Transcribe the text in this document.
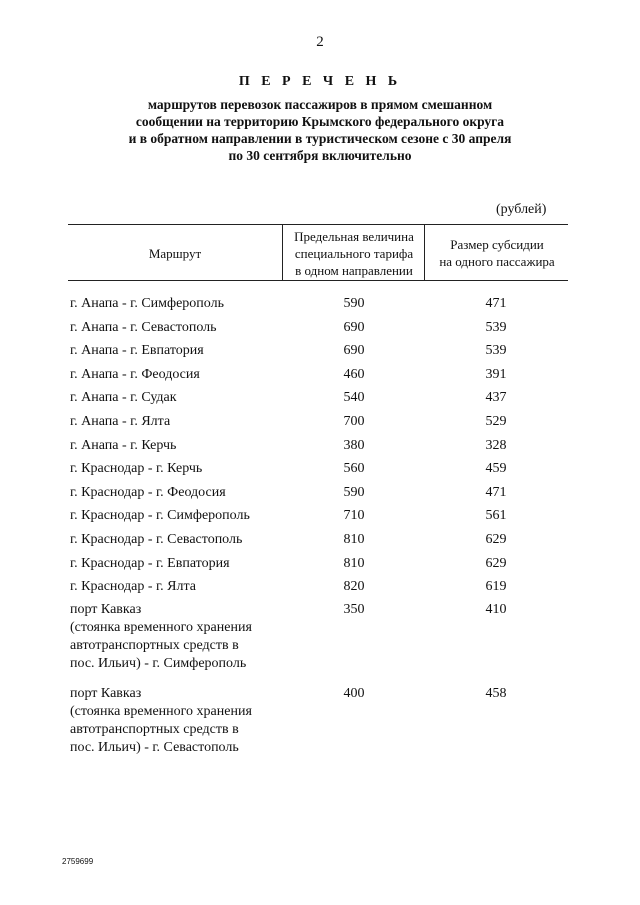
2
П Е Р Е Ч Е Н Ь
маршрутов перевозок пассажиров в прямом смешанном
сообщении на территорию Крымского федерального округа
и в обратном направлении в туристическом сезоне с 30 апреля
по 30 сентября включительно
(рублей)
Маршрут
Предельная величина
специального тарифа
в одном направлении
Размер субсидии
на одного пассажира
г. Анапа - г. Симферополь	590	471
г. Анапа - г. Севастополь	690	539
г. Анапа - г. Евпатория	690	539
г. Анапа - г. Феодосия	460	391
г. Анапа - г. Судак	540	437
г. Анапа - г. Ялта	700	529
г. Анапа - г. Керчь	380	328
г. Краснодар - г. Керчь	560	459
г. Краснодар - г. Феодосия	590	471
г. Краснодар - г. Симферополь	710	561
г. Краснодар - г. Севастополь	810	629
г. Краснодар - г. Евпатория	810	629
г. Краснодар - г. Ялта	820	619
порт Кавказ
(стоянка временного хранения
автотранспортных средств в
пос. Ильич) - г. Симферополь
350	410
порт Кавказ
(стоянка временного хранения
автотранспортных средств в
пос. Ильич) - г. Севастополь
400	458
2759699
